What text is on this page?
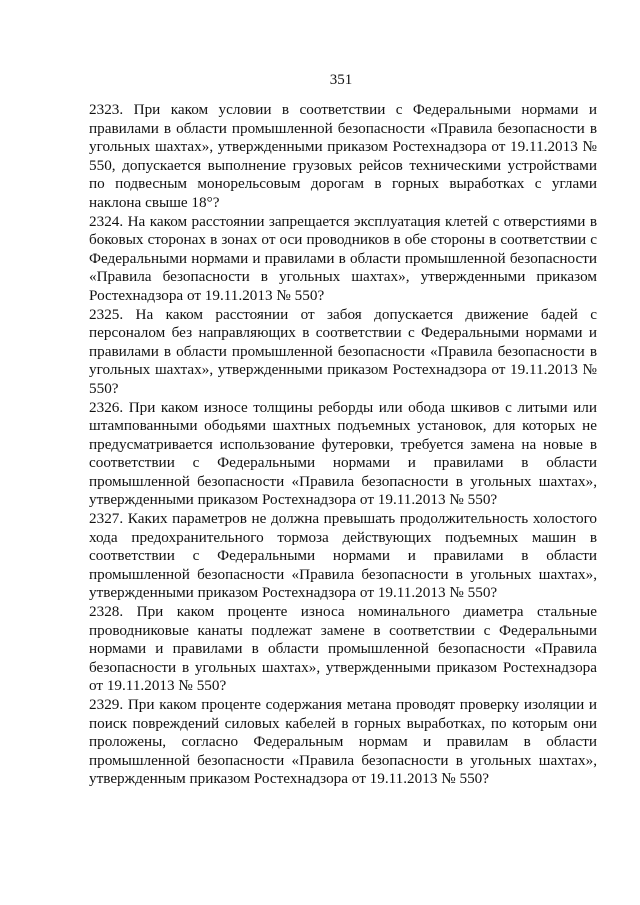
351

2323. При каком условии в соответствии с Федеральными нормами и правилами в области промышленной безопасности «Правила безопасности в угольных шахтах», утвержденными приказом Ростехнадзора от 19.11.2013 № 550, допускается выполнение грузовых рейсов техническими устройствами по подвесным монорельсовым дорогам в горных выработках с углами наклона свыше 18°?

2324. На каком расстоянии запрещается эксплуатация клетей с отверстиями в боковых сторонах в зонах от оси проводников в обе стороны в соответствии с Федеральными нормами и правилами в области промышленной безопасности «Правила безопасности в угольных шахтах», утвержденными приказом Ростехнадзора от 19.11.2013 № 550?

2325. На каком расстоянии от забоя допускается движение бадей с персоналом без направляющих в соответствии с Федеральными нормами и правилами в области промышленной безопасности «Правила безопасности в угольных шахтах», утвержденными приказом Ростехнадзора от 19.11.2013 № 550?

2326. При каком износе толщины реборды или обода шкивов с литыми или штампованными ободьями шахтных подъемных установок, для которых не предусматривается использование футеровки, требуется замена на новые в соответствии с Федеральными нормами и правилами в области промышленной безопасности «Правила безопасности в угольных шахтах», утвержденными приказом Ростехнадзора от 19.11.2013 № 550?

2327. Каких параметров не должна превышать продолжительность холостого хода предохранительного тормоза действующих подъемных машин в соответствии с Федеральными нормами и правилами в области промышленной безопасности «Правила безопасности в угольных шахтах», утвержденными приказом Ростехнадзора от 19.11.2013 № 550?

2328. При каком проценте износа номинального диаметра стальные проводниковые канаты подлежат замене в соответствии с Федеральными нормами и правилами в области промышленной безопасности «Правила безопасности в угольных шахтах», утвержденными приказом Ростехнадзора от 19.11.2013 № 550?

2329. При каком проценте содержания метана проводят проверку изоляции и поиск повреждений силовых кабелей в горных выработках, по которым они проложены, согласно Федеральным нормам и правилам в области промышленной безопасности «Правила безопасности в угольных шахтах», утвержденным приказом Ростехнадзора от 19.11.2013 № 550?
